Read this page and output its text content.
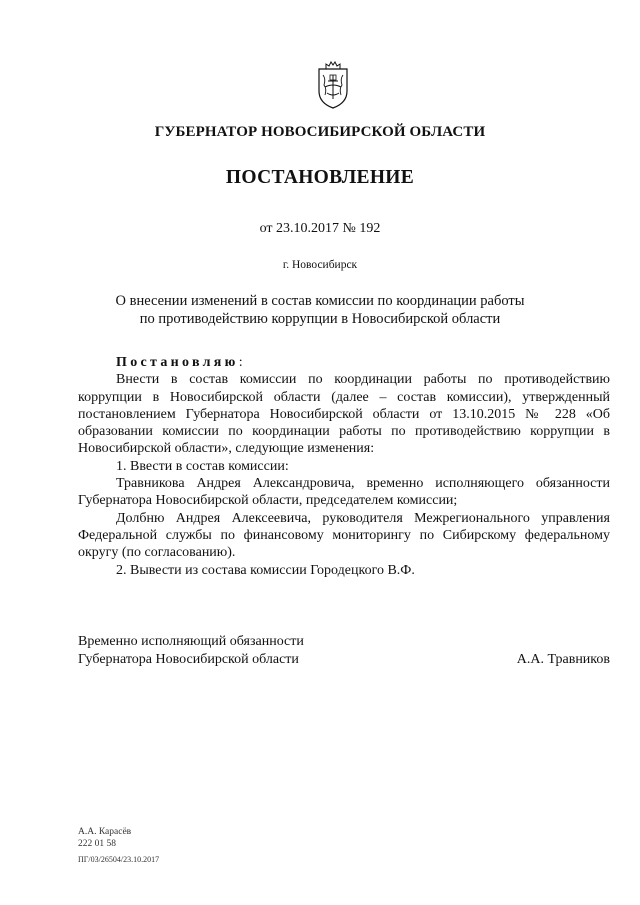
ГУБЕРНАТОР НОВОСИБИРСКОЙ ОБЛАСТИ
ПОСТАНОВЛЕНИЕ
от 23.10.2017 № 192
г. Новосибирск
О внесении изменений в состав комиссии по координации работы
по противодействию коррупции в Новосибирской области

Постановляю:

Внести в состав комиссии по координации работы по противодействию коррупции в Новосибирской области (далее – состав комиссии), утвержденный постановлением Губернатора Новосибирской области от 13.10.2015 № 228 «Об образовании комиссии по координации работы по противодействию коррупции в Новосибирской области», следующие изменения:

1. Ввести в состав комиссии:

Травникова Андрея Александровича, временно исполняющего обязанности Губернатора Новосибирской области, председателем комиссии;

Долбню Андрея Алексеевича, руководителя Межрегионального управления Федеральной службы по финансовому мониторингу по Сибирскому федеральному округу (по согласованию).

2. Вывести из состава комиссии Городецкого В.Ф.

Временно исполняющий обязанности
Губернатора Новосибирской области	А.А. Травников
А.А. Карасёв
222 01 58
ПГ/03/26504/23.10.2017
